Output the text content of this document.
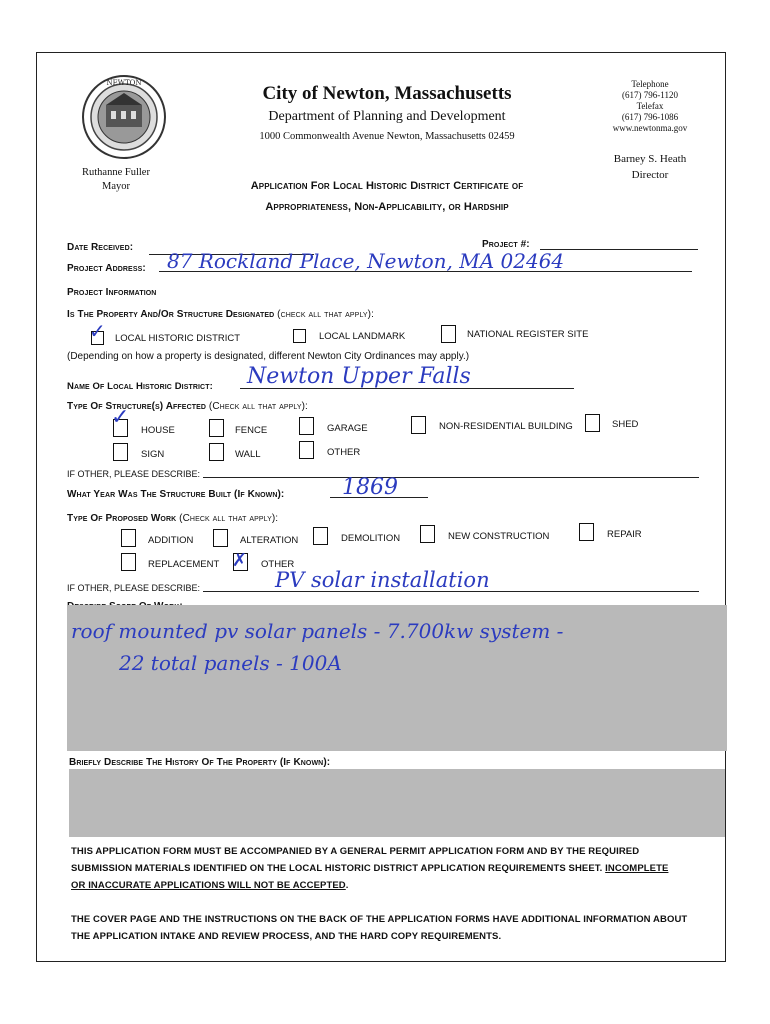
NEWTON	City of Newton, Massachusetts
Department of Planning and Development
1000 Commonwealth Avenue Newton, Massachusetts 02459
Ruthanne Fuller
Mayor
Telephone
(617) 796-1120
Telefax
(617) 796-1086
www.newtonma.gov
Barney S. Heath
Director
Application For Local Historic District Certificate of
Appropriateness, Non-Applicability, or Hardship
Date Received:	Project #:
Project Address: 87 Rockland Place, Newton, MA 02464
Project Information
Is The Property And/Or Structure Designated (check all that apply):
✓ LOCAL HISTORIC DISTRICT	LOCAL LANDMARK	NATIONAL REGISTER SITE
(Depending on how a property is designated, different Newton City Ordinances may apply.)
Name Of Local Historic District: Newton Upper Falls
Type Of Structure(s) Affected (Check all that apply):
✓
HOUSE	FENCE	GARAGE	NON-RESIDENTIAL BUILDING	SHED
SIGN	WALL	OTHER
IF OTHER, PLEASE DESCRIBE:
What Year Was The Structure Built (If Known):	1869
Type Of Proposed Work (Check all that apply):
ADDITION	ALTERATION	DEMOLITION	NEW CONSTRUCTION	REPAIR
REPLACEMENT ✗ OTHER
IF OTHER, PLEASE DESCRIBE:	PV solar installation
roof mounted pv solar panels - 7.700kw system -
22 total panels - 100A
Briefly Describe The History Of The Property (If Known):
THIS APPLICATION FORM MUST BE ACCOMPANIED BY A GENERAL PERMIT APPLICATION FORM AND BY THE REQUIRED SUBMISSION MATERIALS IDENTIFIED ON THE LOCAL HISTORIC DISTRICT APPLICATION REQUIREMENTS SHEET. INCOMPLETE OR INACCURATE APPLICATIONS WILL NOT BE ACCEPTED.
THE COVER PAGE AND THE INSTRUCTIONS ON THE BACK OF THE APPLICATION FORMS HAVE ADDITIONAL INFORMATION ABOUT THE APPLICATION INTAKE AND REVIEW PROCESS, AND THE HARD COPY REQUIREMENTS.
